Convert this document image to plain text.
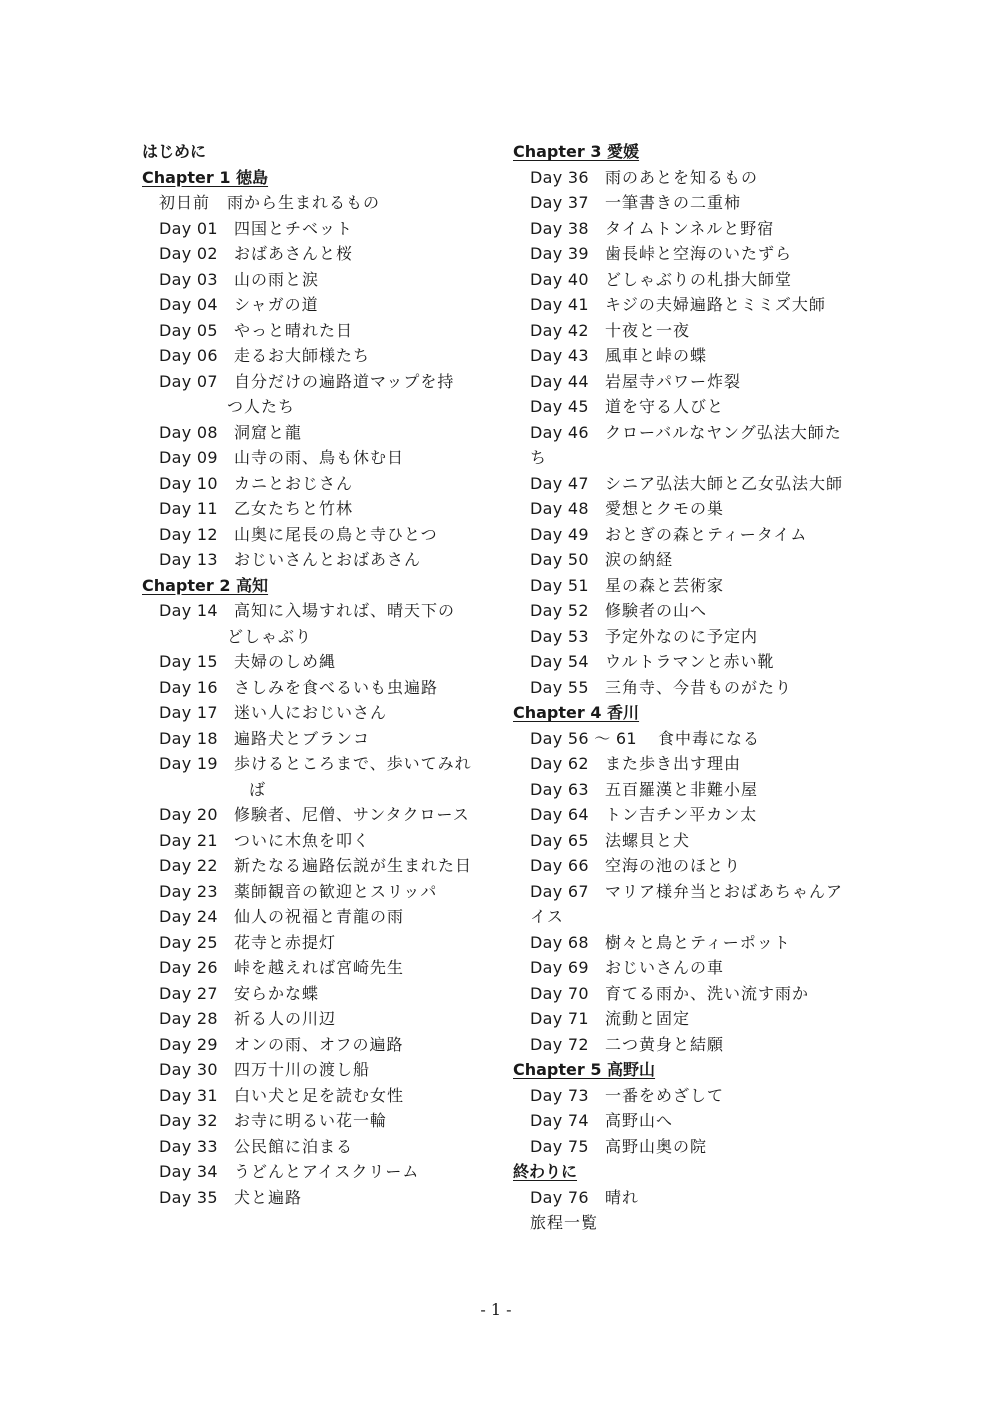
はじめに
Chapter 1 徳島
初日前　雨から生まれるもの
Day 01 四国とチベット
Day 02 おばあさんと桜
Day 03 山の雨と涙
Day 04 シャガの道
Day 05 やっと晴れた日
Day 06 走るお大師様たち
Day 07 自分だけの遍路道マップを持
つ人たち
Day 08 洞窟と龍
Day 09 山寺の雨、鳥も休む日
Day 10 カニとおじさん
Day 11 乙女たちと竹林
Day 12 山奥に尾長の鳥と寺ひとつ
Day 13 おじいさんとおばあさん
Chapter 2 高知
Day 14 高知に入場すれば、晴天下の
どしゃぶり
Day 15 夫婦のしめ縄
Day 16 さしみを食べるいも虫遍路
Day 17 迷い人におじいさん
Day 18 遍路犬とブランコ
Day 19 歩けるところまで、歩いてみれ
ば
Day 20 修験者、尼僧、サンタクロース
Day 21 ついに木魚を叩く
Day 22 新たなる遍路伝説が生まれた日
Day 23 薬師観音の歓迎とスリッパ
Day 24 仙人の祝福と青龍の雨
Day 25 花寺と赤提灯
Day 26 峠を越えれば宮崎先生
Day 27 安らかな蝶
Day 28 祈る人の川辺
Day 29 オンの雨、オフの遍路
Day 30 四万十川の渡し船
Day 31 白い犬と足を読む女性
Day 32 お寺に明るい花一輪
Day 33 公民館に泊まる
Day 34 うどんとアイスクリーム
Day 35 犬と遍路
Chapter 3 愛媛
Day 36 雨のあとを知るもの
Day 37 一筆書きの二重柿
Day 38 タイムトンネルと野宿
Day 39 歯長峠と空海のいたずら
Day 40 どしゃぶりの札掛大師堂
Day 41 キジの夫婦遍路とミミズ大師
Day 42 十夜と一夜
Day 43 風車と峠の蝶
Day 44 岩屋寺パワー炸裂
Day 45 道を守る人びと
Day 46 クローバルなヤング弘法大師た
ち
Day 47 シニア弘法大師と乙女弘法大師
Day 48 愛想とクモの巣
Day 49 おとぎの森とティータイム
Day 50 涙の納経
Day 51 星の森と芸術家
Day 52 修験者の山へ
Day 53 予定外なのに予定内
Day 54 ウルトラマンと赤い靴
Day 55 三角寺、今昔ものがたり
Chapter 4 香川
Day 56 〜 61 食中毒になる
Day 62 また歩き出す理由
Day 63 五百羅漢と非難小屋
Day 64 トン吉チン平カン太
Day 65 法螺貝と犬
Day 66 空海の池のほとり
Day 67 マリア様弁当とおばあちゃんア
イス
Day 68 樹々と鳥とティーポット
Day 69 おじいさんの車
Day 70 育てる雨か、洗い流す雨か
Day 71 流動と固定
Day 72 二つ黄身と結願
Chapter 5 高野山
Day 73 一番をめざして
Day 74 高野山へ
Day 75 高野山奥の院
終わりに
Day 76 晴れ
旅程一覧
- 1 -
